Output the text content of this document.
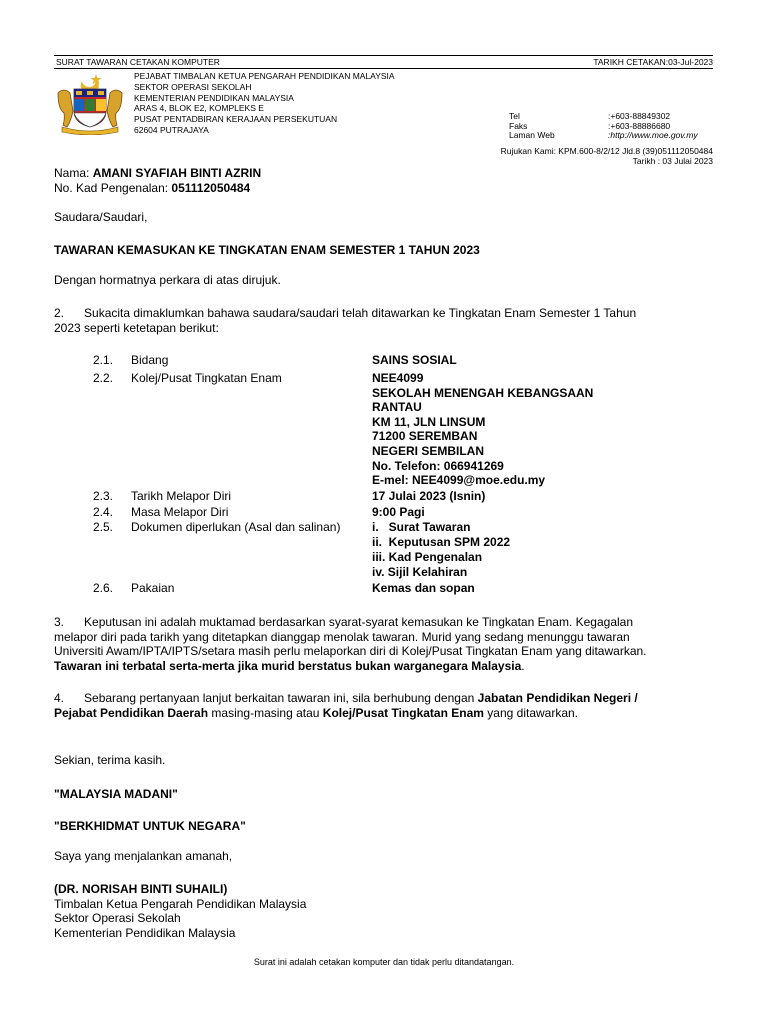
SURAT TAWARAN CETAKAN KOMPUTER	TARIKH CETAKAN:03-Jul-2023
PEJABAT TIMBALAN KETUA PENGARAH PENDIDIKAN MALAYSIA
SEKTOR OPERASI SEKOLAH
KEMENTERIAN PENDIDIKAN MALAYSIA
ARAS 4, BLOK E2, KOMPLEKS E
PUSAT PENTADBIRAN KERAJAAN PERSEKUTUAN
62604 PUTRAJAYA
Tel	:+603-88849302
Faks	:+603-88886680
Laman Web	:http://www.moe.gov.my
Rujukan Kami: KPM.600-8/2/12 Jld.8 (39)051112050484
Tarikh : 03 Julai 2023
Nama: AMANI SYAFIAH BINTI AZRIN
No. Kad Pengenalan: 051112050484
Saudara/Saudari,
TAWARAN KEMASUKAN KE TINGKATAN ENAM SEMESTER 1 TAHUN 2023
Dengan hormatnya perkara di atas dirujuk.
2.      Sukacita dimaklumkan bahawa saudara/saudari telah ditawarkan ke Tingkatan Enam Semester 1 Tahun
2023 seperti ketetapan berikut:
2.1. Bidang	SAINS SOSIAL
2.2. Kolej/Pusat Tingkatan Enam	NEE4099
SEKOLAH MENENGAH KEBANGSAAN
RANTAU
KM 11, JLN LINSUM
71200 SEREMBAN
NEGERI SEMBILAN
No. Telefon: 066941269
E-mel: NEE4099@moe.edu.my
2.3. Tarikh Melapor Diri	17 Julai 2023 (Isnin)
2.4. Masa Melapor Diri	9:00 Pagi
2.5. Dokumen diperlukan (Asal dan salinan)	i.   Surat Tawaran
ii.  Keputusan SPM 2022
iii. Kad Pengenalan
iv. Sijil Kelahiran
2.6. Pakaian	Kemas dan sopan
3.      Keputusan ini adalah muktamad berdasarkan syarat-syarat kemasukan ke Tingkatan Enam. Kegagalan
melapor diri pada tarikh yang ditetapkan dianggap menolak tawaran. Murid yang sedang menunggu tawaran
Universiti Awam/IPTA/IPTS/setara masih perlu melaporkan diri di Kolej/Pusat Tingkatan Enam yang ditawarkan.
Tawaran ini terbatal serta-merta jika murid berstatus bukan warganegara Malaysia.
4.      Sebarang pertanyaan lanjut berkaitan tawaran ini, sila berhubung dengan Jabatan Pendidikan Negeri /
Pejabat Pendidikan Daerah masing-masing atau Kolej/Pusat Tingkatan Enam yang ditawarkan.
Sekian, terima kasih.
"MALAYSIA MADANI"
"BERKHIDMAT UNTUK NEGARA"
Saya yang menjalankan amanah,
(DR. NORISAH BINTI SUHAILI)
Timbalan Ketua Pengarah Pendidikan Malaysia
Sektor Operasi Sekolah
Kementerian Pendidikan Malaysia
Surat ini adalah cetakan komputer dan tidak perlu ditandatangan.
